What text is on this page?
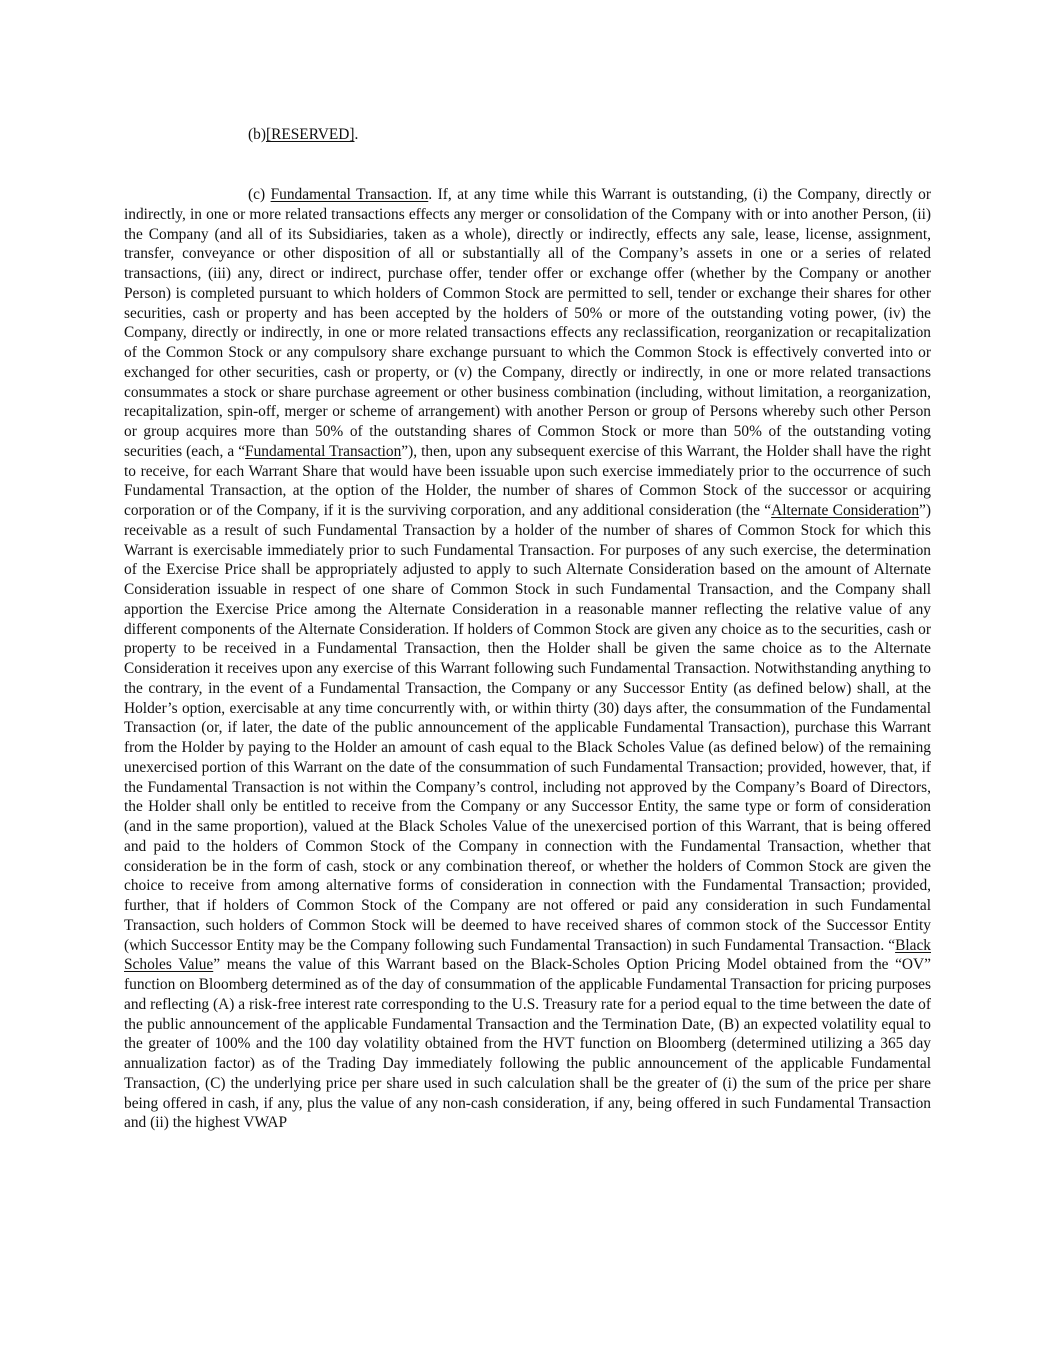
(b)[RESERVED].

(c) Fundamental Transaction. If, at any time while this Warrant is outstanding, (i) the Company, directly or indirectly, in one or more related transactions effects any merger or consolidation of the Company with or into another Person, (ii) the Company (and all of its Subsidiaries, taken as a whole), directly or indirectly, effects any sale, lease, license, assignment, transfer, conveyance or other disposition of all or substantially all of the Company’s assets in one or a series of related transactions, (iii) any, direct or indirect, purchase offer, tender offer or exchange offer (whether by the Company or another Person) is completed pursuant to which holders of Common Stock are permitted to sell, tender or exchange their shares for other securities, cash or property and has been accepted by the holders of 50% or more of the outstanding voting power, (iv) the Company, directly or indirectly, in one or more related transactions effects any reclassification, reorganization or recapitalization of the Common Stock or any compulsory share exchange pursuant to which the Common Stock is effectively converted into or exchanged for other securities, cash or property, or (v) the Company, directly or indirectly, in one or more related transactions consummates a stock or share purchase agreement or other business combination (including, without limitation, a reorganization, recapitalization, spin-off, merger or scheme of arrangement) with another Person or group of Persons whereby such other Person or group acquires more than 50% of the outstanding shares of Common Stock or more than 50% of the outstanding voting securities (each, a “Fundamental Transaction”), then, upon any subsequent exercise of this Warrant, the Holder shall have the right to receive, for each Warrant Share that would have been issuable upon such exercise immediately prior to the occurrence of such Fundamental Transaction, at the option of the Holder, the number of shares of Common Stock of the successor or acquiring corporation or of the Company, if it is the surviving corporation, and any additional consideration (the “Alternate Consideration”) receivable as a result of such Fundamental Transaction by a holder of the number of shares of Common Stock for which this Warrant is exercisable immediately prior to such Fundamental Transaction. For purposes of any such exercise, the determination of the Exercise Price shall be appropriately adjusted to apply to such Alternate Consideration based on the amount of Alternate Consideration issuable in respect of one share of Common Stock in such Fundamental Transaction, and the Company shall apportion the Exercise Price among the Alternate Consideration in a reasonable manner reflecting the relative value of any different components of the Alternate Consideration. If holders of Common Stock are given any choice as to the securities, cash or property to be received in a Fundamental Transaction, then the Holder shall be given the same choice as to the Alternate Consideration it receives upon any exercise of this Warrant following such Fundamental Transaction. Notwithstanding anything to the contrary, in the event of a Fundamental Transaction, the Company or any Successor Entity (as defined below) shall, at the Holder’s option, exercisable at any time concurrently with, or within thirty (30) days after, the consummation of the Fundamental Transaction (or, if later, the date of the public announcement of the applicable Fundamental Transaction), purchase this Warrant from the Holder by paying to the Holder an amount of cash equal to the Black Scholes Value (as defined below) of the remaining unexercised portion of this Warrant on the date of the consummation of such Fundamental Transaction; provided, however, that, if the Fundamental Transaction is not within the Company’s control, including not approved by the Company’s Board of Directors, the Holder shall only be entitled to receive from the Company or any Successor Entity, the same type or form of consideration (and in the same proportion), valued at the Black Scholes Value of the unexercised portion of this Warrant, that is being offered and paid to the holders of Common Stock of the Company in connection with the Fundamental Transaction, whether that consideration be in the form of cash, stock or any combination thereof, or whether the holders of Common Stock are given the choice to receive from among alternative forms of consideration in connection with the Fundamental Transaction; provided, further, that if holders of Common Stock of the Company are not offered or paid any consideration in such Fundamental Transaction, such holders of Common Stock will be deemed to have received shares of common stock of the Successor Entity (which Successor Entity may be the Company following such Fundamental Transaction) in such Fundamental Transaction. “Black Scholes Value” means the value of this Warrant based on the Black-Scholes Option Pricing Model obtained from the “OV” function on Bloomberg determined as of the day of consummation of the applicable Fundamental Transaction for pricing purposes and reflecting (A) a risk-free interest rate corresponding to the U.S. Treasury rate for a period equal to the time between the date of the public announcement of the applicable Fundamental Transaction and the Termination Date, (B) an expected volatility equal to the greater of 100% and the 100 day volatility obtained from the HVT function on Bloomberg (determined utilizing a 365 day annualization factor) as of the Trading Day immediately following the public announcement of the applicable Fundamental Transaction, (C) the underlying price per share used in such calculation shall be the greater of (i) the sum of the price per share being offered in cash, if any, plus the value of any non-cash consideration, if any, being offered in such Fundamental Transaction and (ii) the highest VWAP
